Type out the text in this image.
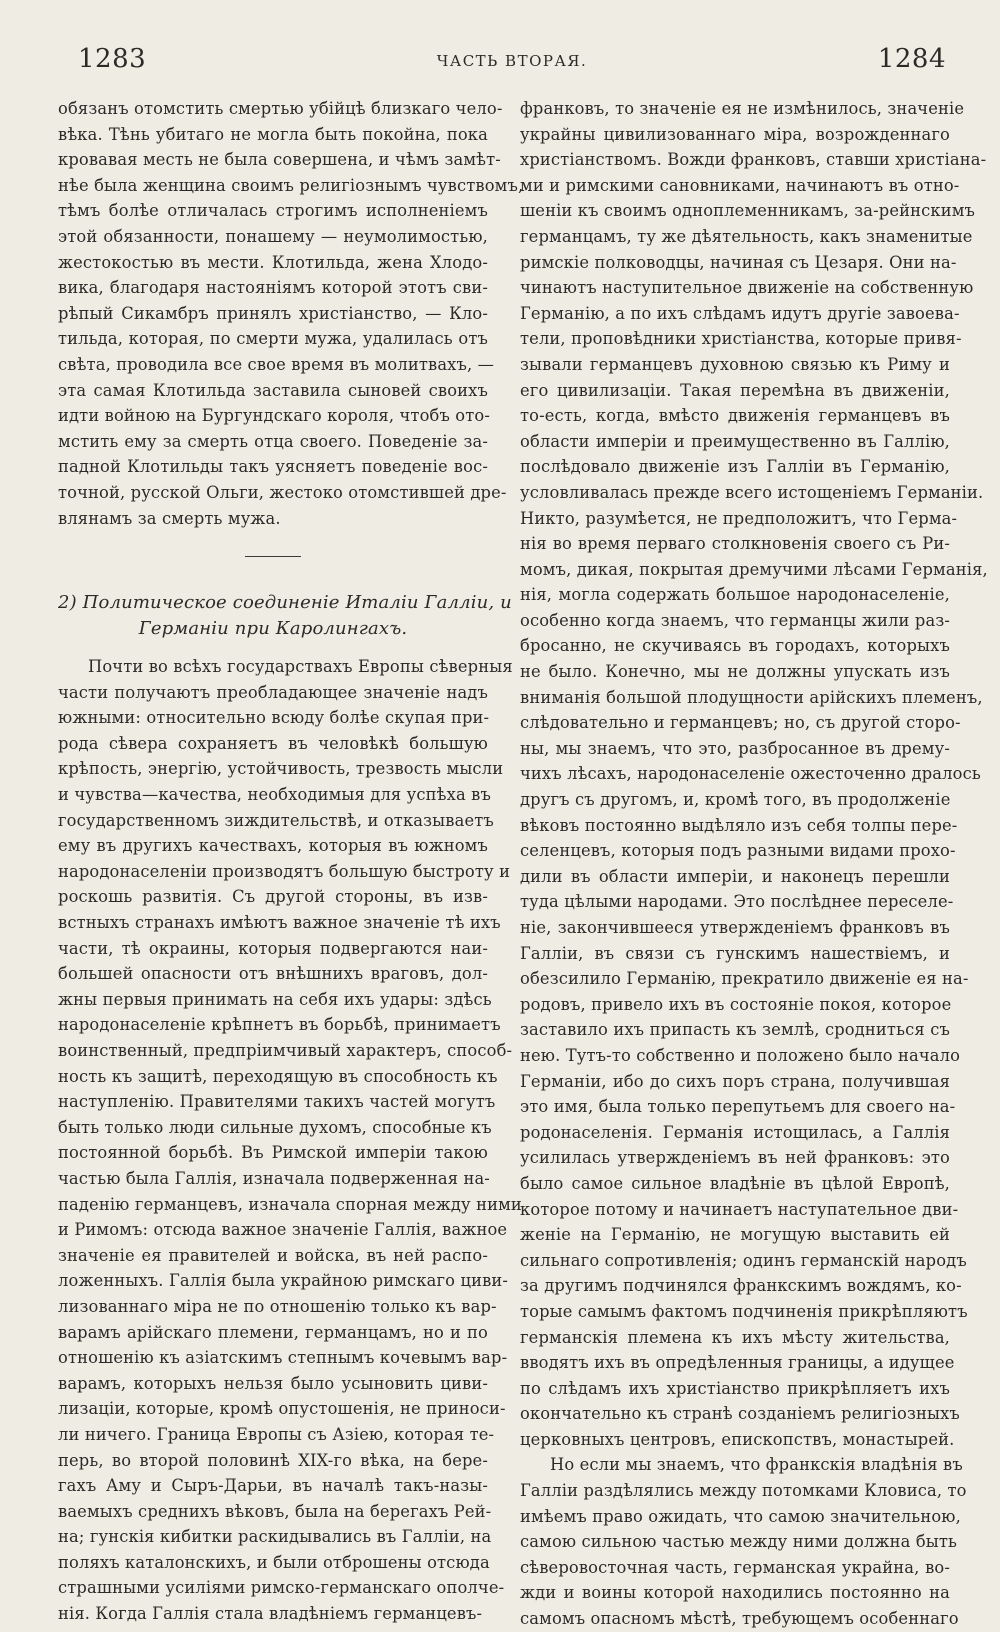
1283	ЧАСТЬ ВТОРАЯ.	1284
обязанъ отомстить смертью убійцѣ близкаго чело-
вѣка. Тѣнь убитаго не могла быть покойна, пока
кровавая месть не была совершена, и чѣмъ замѣт-
нѣе была женщина своимъ религіознымъ чувствомъ,
тѣмъ болѣе отличалась строгимъ исполненіемъ
этой обязанности, понашему — неумолимостью,
жестокостью въ мести. Клотильда, жена Хлодо-
вика, благодаря настояніямъ которой этотъ сви-
рѣпый Сикамбръ принялъ христіанство, — Кло-
тильда, которая, по смерти мужа, удалилась отъ
свѣта, проводила все свое время въ молитвахъ, —
эта самая Клотильда заставила сыновей своихъ
идти войною на Бургундскаго короля, чтобъ ото-
мстить ему за смерть отца своего. Поведеніе за-
падной Клотильды такъ уясняетъ поведеніе вос-
точной, русской Ольги, жестоко отомстившей дре-
влянамъ за смерть мужа.
2) Политическое соединеніе Италіи Галліи, и
Германіи при Каролингахъ.
Почти во всѣхъ государствахъ Европы сѣверныя
части получаютъ преобладающее значеніе надъ
южными: относительно всюду болѣе скупая при-
рода сѣвера сохраняетъ въ человѣкѣ большую
крѣпость, энергію, устойчивость, трезвость мысли
и чувства—качества, необходимыя для успѣха въ
государственномъ зиждительствѣ, и отказываетъ
ему въ другихъ качествахъ, которыя въ южномъ
народонаселеніи производятъ большую быстроту и
роскошь развитія. Съ другой стороны, въ изв-
встныхъ странахъ имѣютъ важное значеніе тѣ ихъ
части, тѣ окраины, которыя подвергаются наи-
большей опасности отъ внѣшнихъ враговъ, дол-
жны первыя принимать на себя ихъ удары: здѣсь
народонаселеніе крѣпнетъ въ борьбѣ, принимаетъ
воинственный, предпріимчивый характеръ, способ-
ность къ защитѣ, переходящую въ способность къ
наступленію. Правителями такихъ частей могутъ
быть только люди сильные духомъ, способные къ
постоянной борьбѣ. Въ Римской имперіи такою
частью была Галлія, изначала подверженная на-
паденію германцевъ, изначала спорная между ними
и Римомъ: отсюда важное значеніе Галлія, важное
значеніе ея правителей и войска, въ ней распо-
ложенныхъ. Галлія была украйною римскаго циви-
лизованнаго міра не по отношенію только къ вар-
варамъ арійскаго племени, германцамъ, но и по
отношенію къ азіатскимъ степнымъ кочевымъ вар-
варамъ, которыхъ нельзя было усыновить циви-
лизаціи, которые, кромѣ опустошенія, не приноси-
ли ничего. Граница Европы съ Азіею, которая те-
перь, во второй половинѣ XIX-го вѣка, на бере-
гахъ Аму и Сыръ-Дарьи, въ началѣ такъ-назы-
ваемыхъ среднихъ вѣковъ, была на берегахъ Рей-
на; гунскія кибитки раскидывались въ Галліи, на
поляхъ каталонскихъ, и были отброшены отсюда
страшными усиліями римско-германскаго ополче-
нія. Когда Галлія стала владѣніемъ германцевъ-
франковъ, то значеніе ея не измѣнилось, значеніе
украйны цивилизованнаго міра, возрожденнаго
христіанствомъ. Вожди франковъ, ставши христіана-
ми и римскими сановниками, начинаютъ въ отно-
шеніи къ своимъ одноплеменникамъ, за-рейнскимъ
германцамъ, ту же дѣятельность, какъ знаменитые
римскіе полководцы, начиная съ Цезаря. Они на-
чинаютъ наступительное движеніе на собственную
Германію, а по ихъ слѣдамъ идутъ другіе завоева-
тели, проповѣдники христіанства, которые привя-
зывали германцевъ духовною связью къ Риму и
его цивилизаціи. Такая перемѣна въ движеніи,
то-есть, когда, вмѣсто движенія германцевъ въ
области имперіи и преимущественно въ Галлію,
послѣдовало движеніе изъ Галліи въ Германію,
условливалась прежде всего истощеніемъ Германіи.
Никто, разумѣется, не предположитъ, что Герма-
нія во время перваго столкновенія своего съ Ри-
момъ, дикая, покрытая дремучими лѣсами Германія,
нія, могла содержать большое народонаселеніе,
особенно когда знаемъ, что германцы жили раз-
бросанно, не скучиваясь въ городахъ, которыхъ
не было. Конечно, мы не должны упускать изъ
вниманія большой плодущности арійскихъ племенъ,
слѣдовательно и германцевъ; но, съ другой сторо-
ны, мы знаемъ, что это, разбросанное въ дрему-
чихъ лѣсахъ, народонаселеніе ожесточенно дралось
другъ съ другомъ, и, кромѣ того, въ продолженіе
вѣковъ постоянно выдѣляло изъ себя толпы пере-
селенцевъ, которыя подъ разными видами прохо-
дили въ области имперіи, и наконецъ перешли
туда цѣлыми народами. Это послѣднее переселе-
ніе, закончившееся утвержденіемъ франковъ въ
Галліи, въ связи съ гунскимъ нашествіемъ, и
обезсилило Германію, прекратило движеніе ея на-
родовъ, привело ихъ въ состояніе покоя, которое
заставило ихъ припасть къ землѣ, сродниться съ
нею. Тутъ-то собственно и положено было начало
Германіи, ибо до сихъ поръ страна, получившая
это имя, была только перепутьемъ для своего на-
родонаселенія. Германія истощилась, а Галлія
усилилась утвержденіемъ въ ней франковъ: это
было самое сильное владѣніе въ цѣлой Европѣ,
которое потому и начинаетъ наступательное дви-
женіе на Германію, не могущую выставить ей
сильнаго сопротивленія; одинъ германскій народъ
за другимъ подчинялся франкскимъ вождямъ, ко-
торые самымъ фактомъ подчиненія прикрѣпляютъ
германскія племена къ ихъ мѣсту жительства,
вводятъ ихъ въ опредѣленныя границы, а идущее
по слѣдамъ ихъ христіанство прикрѣпляетъ ихъ
окончательно къ странѣ созданіемъ религіозныхъ
церковныхъ центровъ, епископствъ, монастырей.
Но если мы знаемъ, что франкскія владѣнія въ
Галліи раздѣлялись между потомками Кловиса, то
имѣемъ право ожидать, что самою значительною,
самою сильною частью между ними должна быть
сѣверовосточная часть, германская украйна, во-
жди и воины которой находились постоянно на
самомъ опасномъ мѣстѣ, требующемъ особеннаго
